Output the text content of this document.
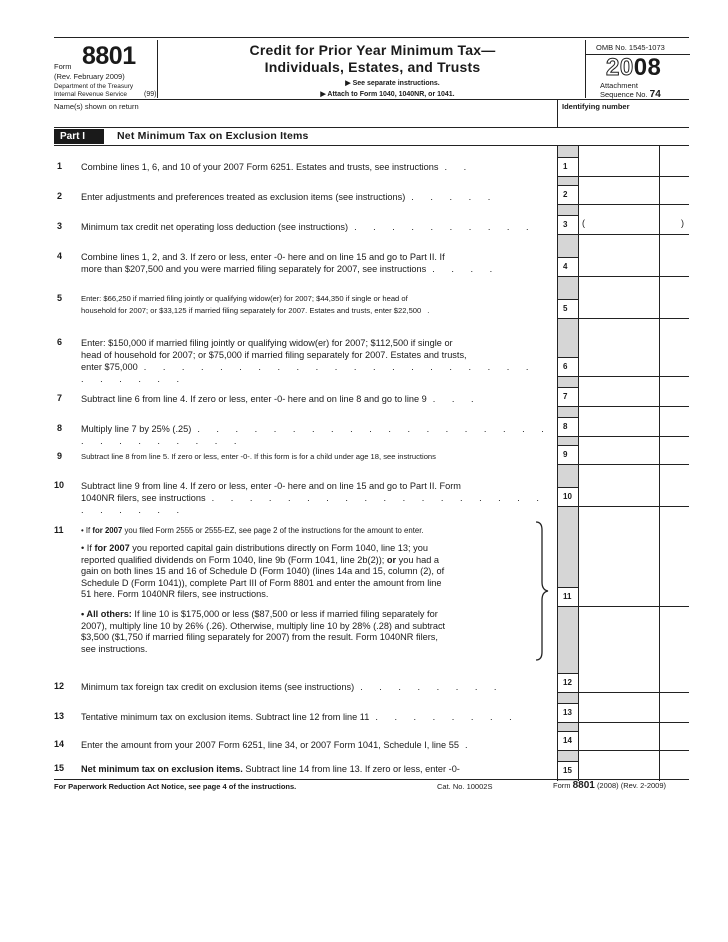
Form 8801
(Rev. February 2009)
Department of the Treasury
Internal Revenue Service	(99)
Credit for Prior Year Minimum Tax—
Individuals, Estates, and Trusts
▶ See separate instructions.
▶ Attach to Form 1040, 1040NR, or 1041.
OMB No. 1545-1073
2008
Attachment
Sequence No. 74
Name(s) shown on return	Identifying number
Part I	Net Minimum Tax on Exclusion Items
1 Combine lines 1, 6, and 10 of your 2007 Form 6251. Estates and trusts, see instructions . .	1
2 Enter adjustments and preferences treated as exclusion items (see instructions) . . . . .	2
3 Minimum tax credit net operating loss deduction (see instructions) . . . . . . . . . .	3	(	)
4 Combine lines 1, 2, and 3. If zero or less, enter -0- here and on line 15 and go to Part II. If
more than $207,500 and you were married filing separately for 2007, see instructions . . . .	4
5 Enter: $66,250 if married filing jointly or qualifying widow(er) for 2007; $44,350 if single or head of
household for 2007; or $33,125 if married filing separately for 2007. Estates and trusts, enter $22,500 .	5
6 Enter: $150,000 if married filing jointly or qualifying widow(er) for 2007; $112,500 if single or
head of household for 2007; or $75,000 if married filing separately for 2007. Estates and trusts,
enter $75,000 . . . . . . . . . . . . . . . . . . . . . . . . . . .
6
7 Subtract line 6 from line 4. If zero or less, enter -0- here and on line 8 and go to line 9 . . .	7
8 Multiply line 7 by 25% (.25) . . . . . . . . . . . . . . . . . . . . . . . . . . . .
8
9 Subtract line 8 from line 5. If zero or less, enter -0-. If this form is for a child under age 18, see instructions	9
10 Subtract line 9 from line 4. If zero or less, enter -0- here and on line 15 and go to Part II. Form
1040NR filers, see instructions . . . . . . . . . . . . . . . . . . . . . . . .
10
11 • If for 2007 you filed Form 2555 or 2555-EZ, see page 2 of the instructions for the amount to enter.
• If for 2007 you reported capital gain distributions directly on Form 1040, line 13; you
reported qualified dividends on Form 1040, line 9b (Form 1041, line 2b(2)); or you had a
gain on both lines 15 and 16 of Schedule D (Form 1040) (lines 14a and 15, column (2), of
Schedule D (Form 1041)), complete Part III of Form 8801 and enter the amount from line
51 here. Form 1040NR filers, see instructions.
• All others: If line 10 is $175,000 or less ($87,500 or less if married filing separately for
2007), multiply line 10 by 26% (.26). Otherwise, multiply line 10 by 28% (.28) and subtract
$3,500 ($1,750 if married filing separately for 2007) from the result. Form 1040NR filers,
see instructions.
11
12 Minimum tax foreign tax credit on exclusion items (see instructions) . . . . . . . .	12
13 Tentative minimum tax on exclusion items. Subtract line 12 from line 11 . . . . . . . .	13
14 Enter the amount from your 2007 Form 6251, line 34, or 2007 Form 1041, Schedule I, line 55 .	14
15 Net minimum tax on exclusion items. Subtract line 14 from line 13. If zero or less, enter -0-	15
For Paperwork Reduction Act Notice, see page 4 of the instructions.	Cat. No. 10002S	Form 8801 (2008) (Rev. 2-2009)
